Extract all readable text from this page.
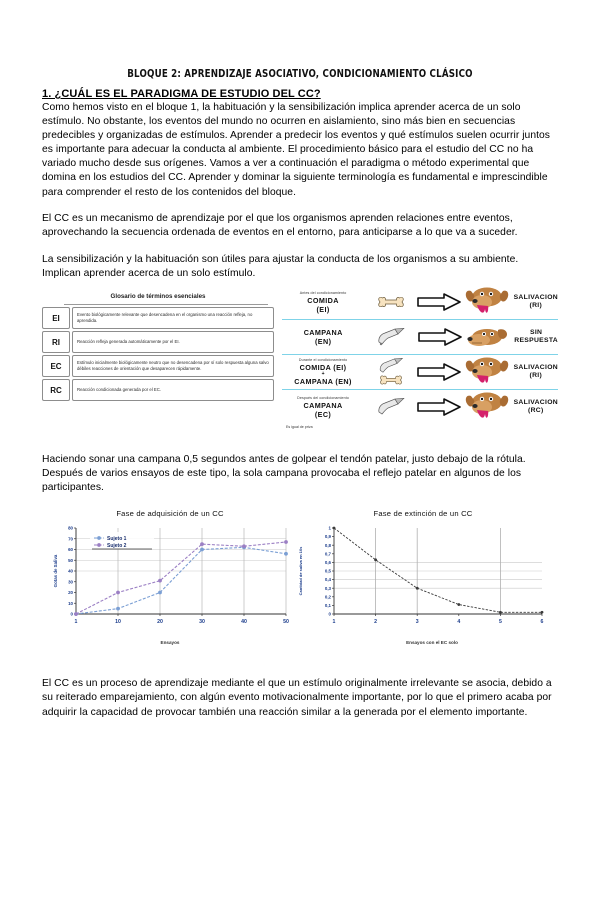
BLOQUE 2: APRENDIZAJE ASOCIATIVO, CONDICIONAMIENTO CLÁSICO
1. ¿CUÁL ES EL PARADIGMA DE ESTUDIO DEL CC?

Como hemos visto en el bloque 1, la habituación y la sensibilización implica aprender acerca de un solo estímulo. No obstante, los eventos del mundo no ocurren en aislamiento, sino más bien en secuencias predecibles y organizadas de estímulos. Aprender a predecir los eventos y qué estímulos suelen ocurrir juntos es importante para adecuar la conducta al ambiente. El procedimiento básico para el estudio del CC no ha variado mucho desde sus orígenes. Vamos a ver a continuación el paradigma o método experimental que domina en los estudios del CC. Aprender y dominar la siguiente terminología es fundamental e imprescindible para comprender el resto de los contenidos del bloque.

El CC es un mecanismo de aprendizaje por el que los organismos aprenden relaciones entre eventos, aprovechando la secuencia ordenada de eventos en el entorno, para anticiparse a lo que va a suceder.

La sensibilización y la habituación son útiles para ajustar la conducta de los organismos a su ambiente. Implican aprender acerca de un solo estímulo.

Glosario de términos esenciales
EI	Evento biológicamente relevante que desencadena en el organismo una reacción refleja, no aprendida.
RI	Reacción refleja generada automáticamente por el EI.
EC	Estímulo inicialmente biológicamente neutro que no desencadena por sí solo respuesta alguna salvo débiles reacciones de orientación que desaparecen rápidamente.
RC	Reacción condicionada generada por el EC.
Antes del condicionamiento
COMIDA
(EI)
SALIVACION
(RI)
CAMPANA
(EN)
SIN RESPUESTA
Durante el condicionamiento
COMIDA (EI)
+
CAMPANA (EN)
SALIVACION
(RI)
Después del condicionamiento
CAMPANA
(EC)
SALIVACION
(RC)
Es igual de priva

Haciendo sonar una campana 0,5 segundos antes de golpear el tendón patelar, justo debajo de la rótula. Después de varios ensayos de este tipo, la sola campana provocaba el reflejo patelar en algunos de los participantes.

Fase de adquisición de un CC
0
10
20
30
40
50
60
70
80
1	10	20	30	40	50
Gotas de Saliva
Sujeto 1
Sujeto 2
Ensayos
Fase de extinción de un CC
0
0,1
0,2
0,3
0,4
0,5
0,6
0,7
0,8
0,9
1
1	2	3	4	5	6
Cantidad de saliva en 10s
Ensayos con el EC solo

El CC es un proceso de aprendizaje mediante el que un estímulo originalmente irrelevante se asocia, debido a su reiterado emparejamiento, con algún evento motivacionalmente importante, por lo que el primero acaba por adquirir la capacidad de provocar también una reacción similar a la generada por el elemento importante.
